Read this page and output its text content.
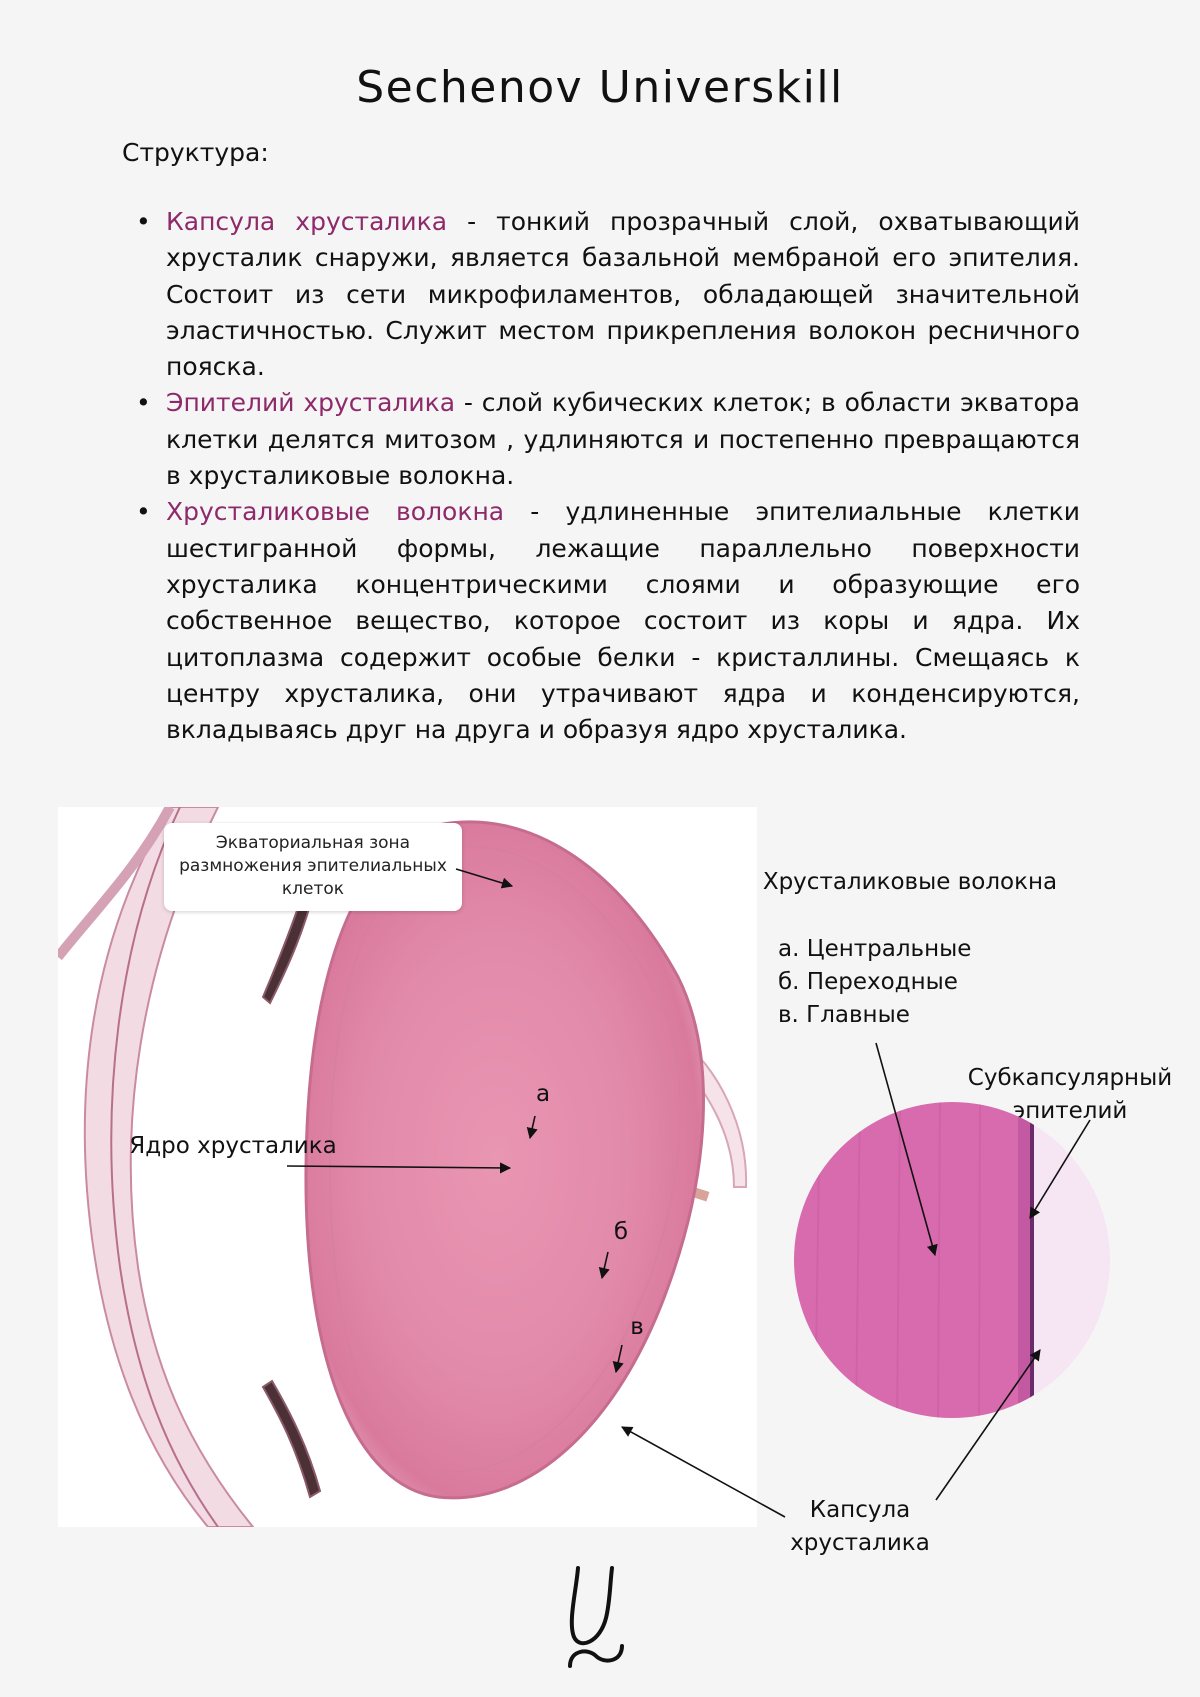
Sechenov Universkill
Структура:
• Капсула хрусталика - тонкий прозрачный слой, охватывающий хрусталик снаружи, является базальной мембраной его эпителия. Состоит из сети микрофиламентов, обладающей значительной эластичностью. Служит местом прикрепления волокон ресничного пояска.
• Эпителий хрусталика - слой кубических клеток; в области экватора клетки делятся митозом , удлиняются и постепенно превращаются в хрусталиковые волокна.
• Хрусталиковые волокна - удлиненные эпителиальные клетки шестигранной формы, лежащие параллельно поверхности хрусталика концентрическими слоями и образующие его собственное вещество, которое состоит из коры и ядра. Их цитоплазма содержит особые белки - кристаллины. Смещаясь к центру хрусталика, они утрачивают ядра и конденсируются, вкладываясь друг на друга и образуя ядро хрусталика.
Экваториальная зона размножения эпителиальных клеток
Ядро хрусталика
а
б
в
Хрусталиковые волокна
а. Центральные
б. Переходные
в. Главные
Субкапсулярный эпителий
Капсула хрусталика
